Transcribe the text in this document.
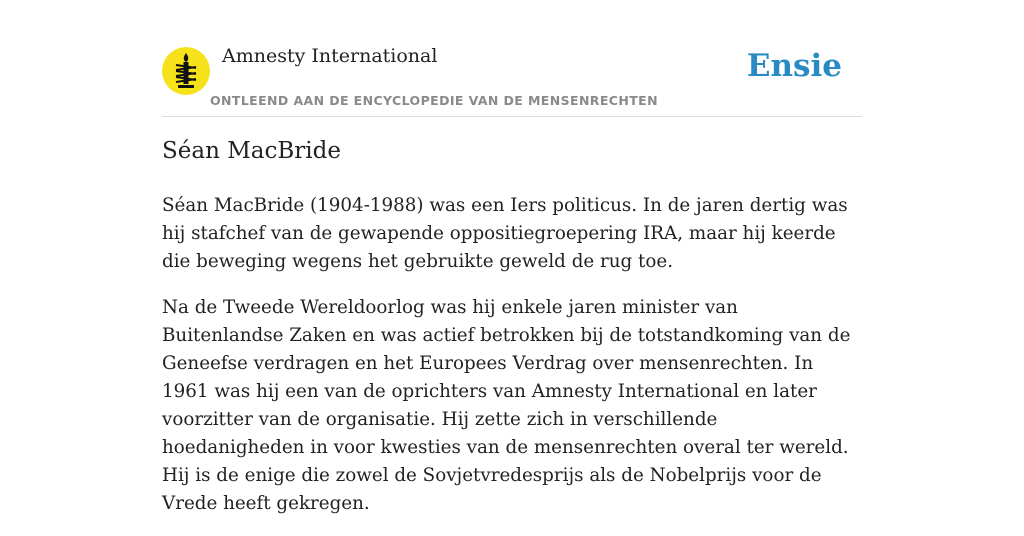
Amnesty International
ONTLEEND AAN DE ENCYCLOPEDIE VAN DE MENSENRECHTEN
Ensie
Séan MacBride

Séan MacBride (1904-1988) was een Iers politicus. In de jaren dertig was hij stafchef van de gewapende oppositiegroepering IRA, maar hij keerde die beweging wegens het gebruikte geweld de rug toe.

Na de Tweede Wereldoorlog was hij enkele jaren minister van Buitenlandse Zaken en was actief betrokken bij de totstandkoming van de Geneefse verdragen en het Europees Verdrag over mensenrechten. In 1961 was hij een van de oprichters van Amnesty International en later voorzitter van de organisatie. Hij zette zich in verschillende hoedanigheden in voor kwesties van de mensenrechten overal ter wereld. Hij is de enige die zowel de Sovjetvredesprijs als de Nobelprijs voor de Vrede heeft gekregen.
